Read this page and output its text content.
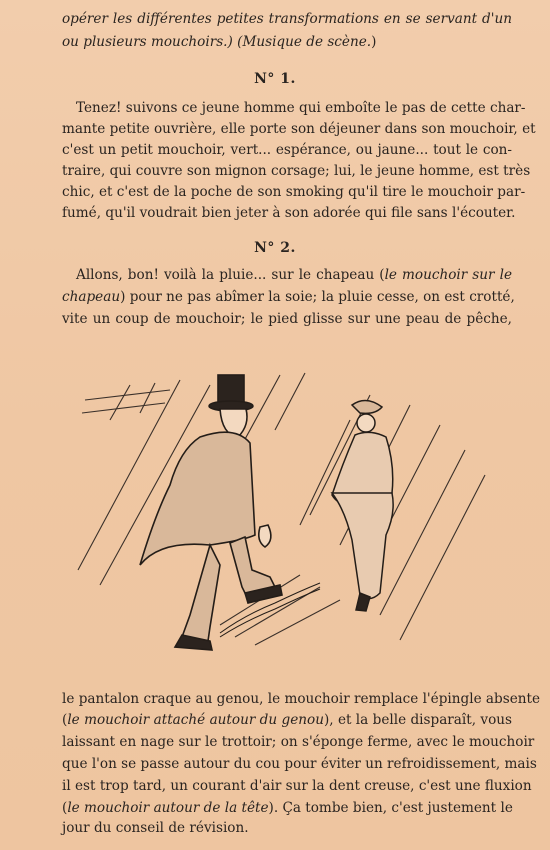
opérer les différentes petites transformations en se servant d'un
ou plusieurs mouchoirs.) (Musique de scène.)
N° 1.
Tenez! suivons ce jeune homme qui emboîte le pas de cette char-
mante petite ouvrière, elle porte son déjeuner dans son mouchoir, et
c'est un petit mouchoir, vert... espérance, ou jaune... tout le con-
traire, qui couvre son mignon corsage; lui, le jeune homme, est très
chic, et c'est de la poche de son smoking qu'il tire le mouchoir par-
fumé, qu'il voudrait bien jeter à son adorée qui file sans l'écouter.
N° 2.
Allons, bon! voilà la pluie... sur le chapeau (le mouchoir sur le
chapeau) pour ne pas abîmer la soie; la pluie cesse, on est crotté,
vite un coup de mouchoir; le pied glisse sur une peau de pêche,
le pantalon craque au genou, le mouchoir remplace l'épingle absente
(le mouchoir attaché autour du genou), et la belle disparaît, vous
laissant en nage sur le trottoir; on s'éponge ferme, avec le mouchoir
que l'on se passe autour du cou pour éviter un refroidissement, mais
il est trop tard, un courant d'air sur la dent creuse, c'est une fluxion
(le mouchoir autour de la tête). Ça tombe bien, c'est justement le
jour du conseil de révision.
